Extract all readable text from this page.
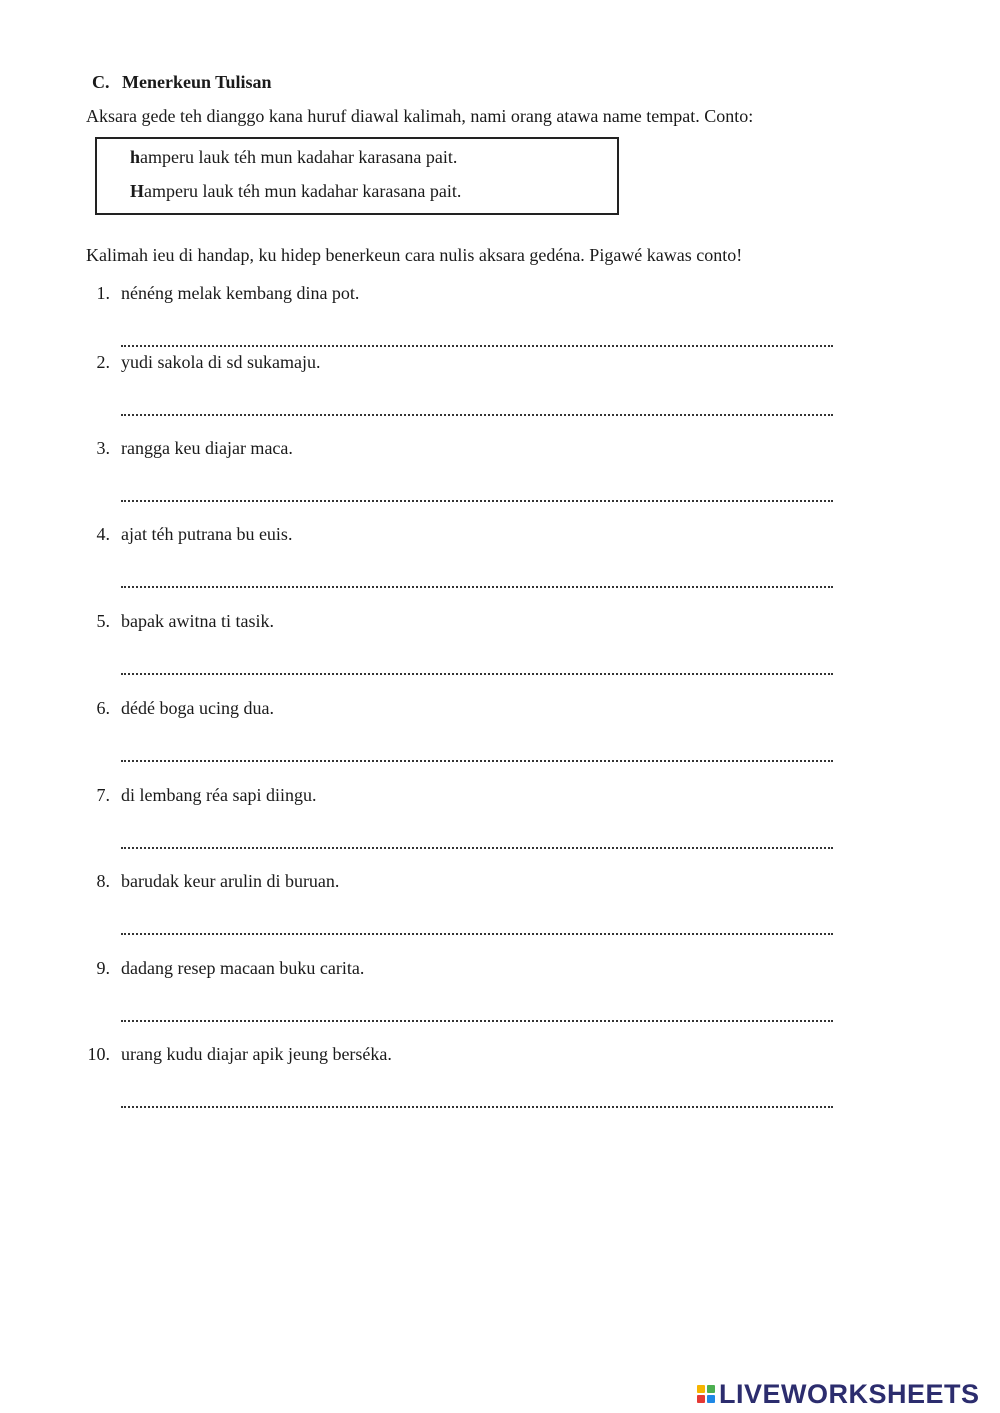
C. Menerkeun Tulisan
Aksara gede teh dianggo kana huruf diawal kalimah, nami orang atawa name tempat. Conto:
hamperu lauk téh mun kadahar karasana pait.
Hamperu lauk téh mun kadahar karasana pait.
Kalimah ieu di handap, ku hidep benerkeun cara nulis aksara gedéna. Pigawé kawas conto!
1. nénéng melak kembang dina pot.
2. yudi sakola di sd sukamaju.
3. rangga keu diajar maca.
4. ajat téh putrana bu euis.
5. bapak awitna ti tasik.
6. dédé boga ucing dua.
7. di lembang réa sapi diingu.
8. barudak keur arulin di buruan.
9. dadang resep macaan buku carita.
10. urang kudu diajar apik jeung berséka.
LIVEWORKSHEETS
